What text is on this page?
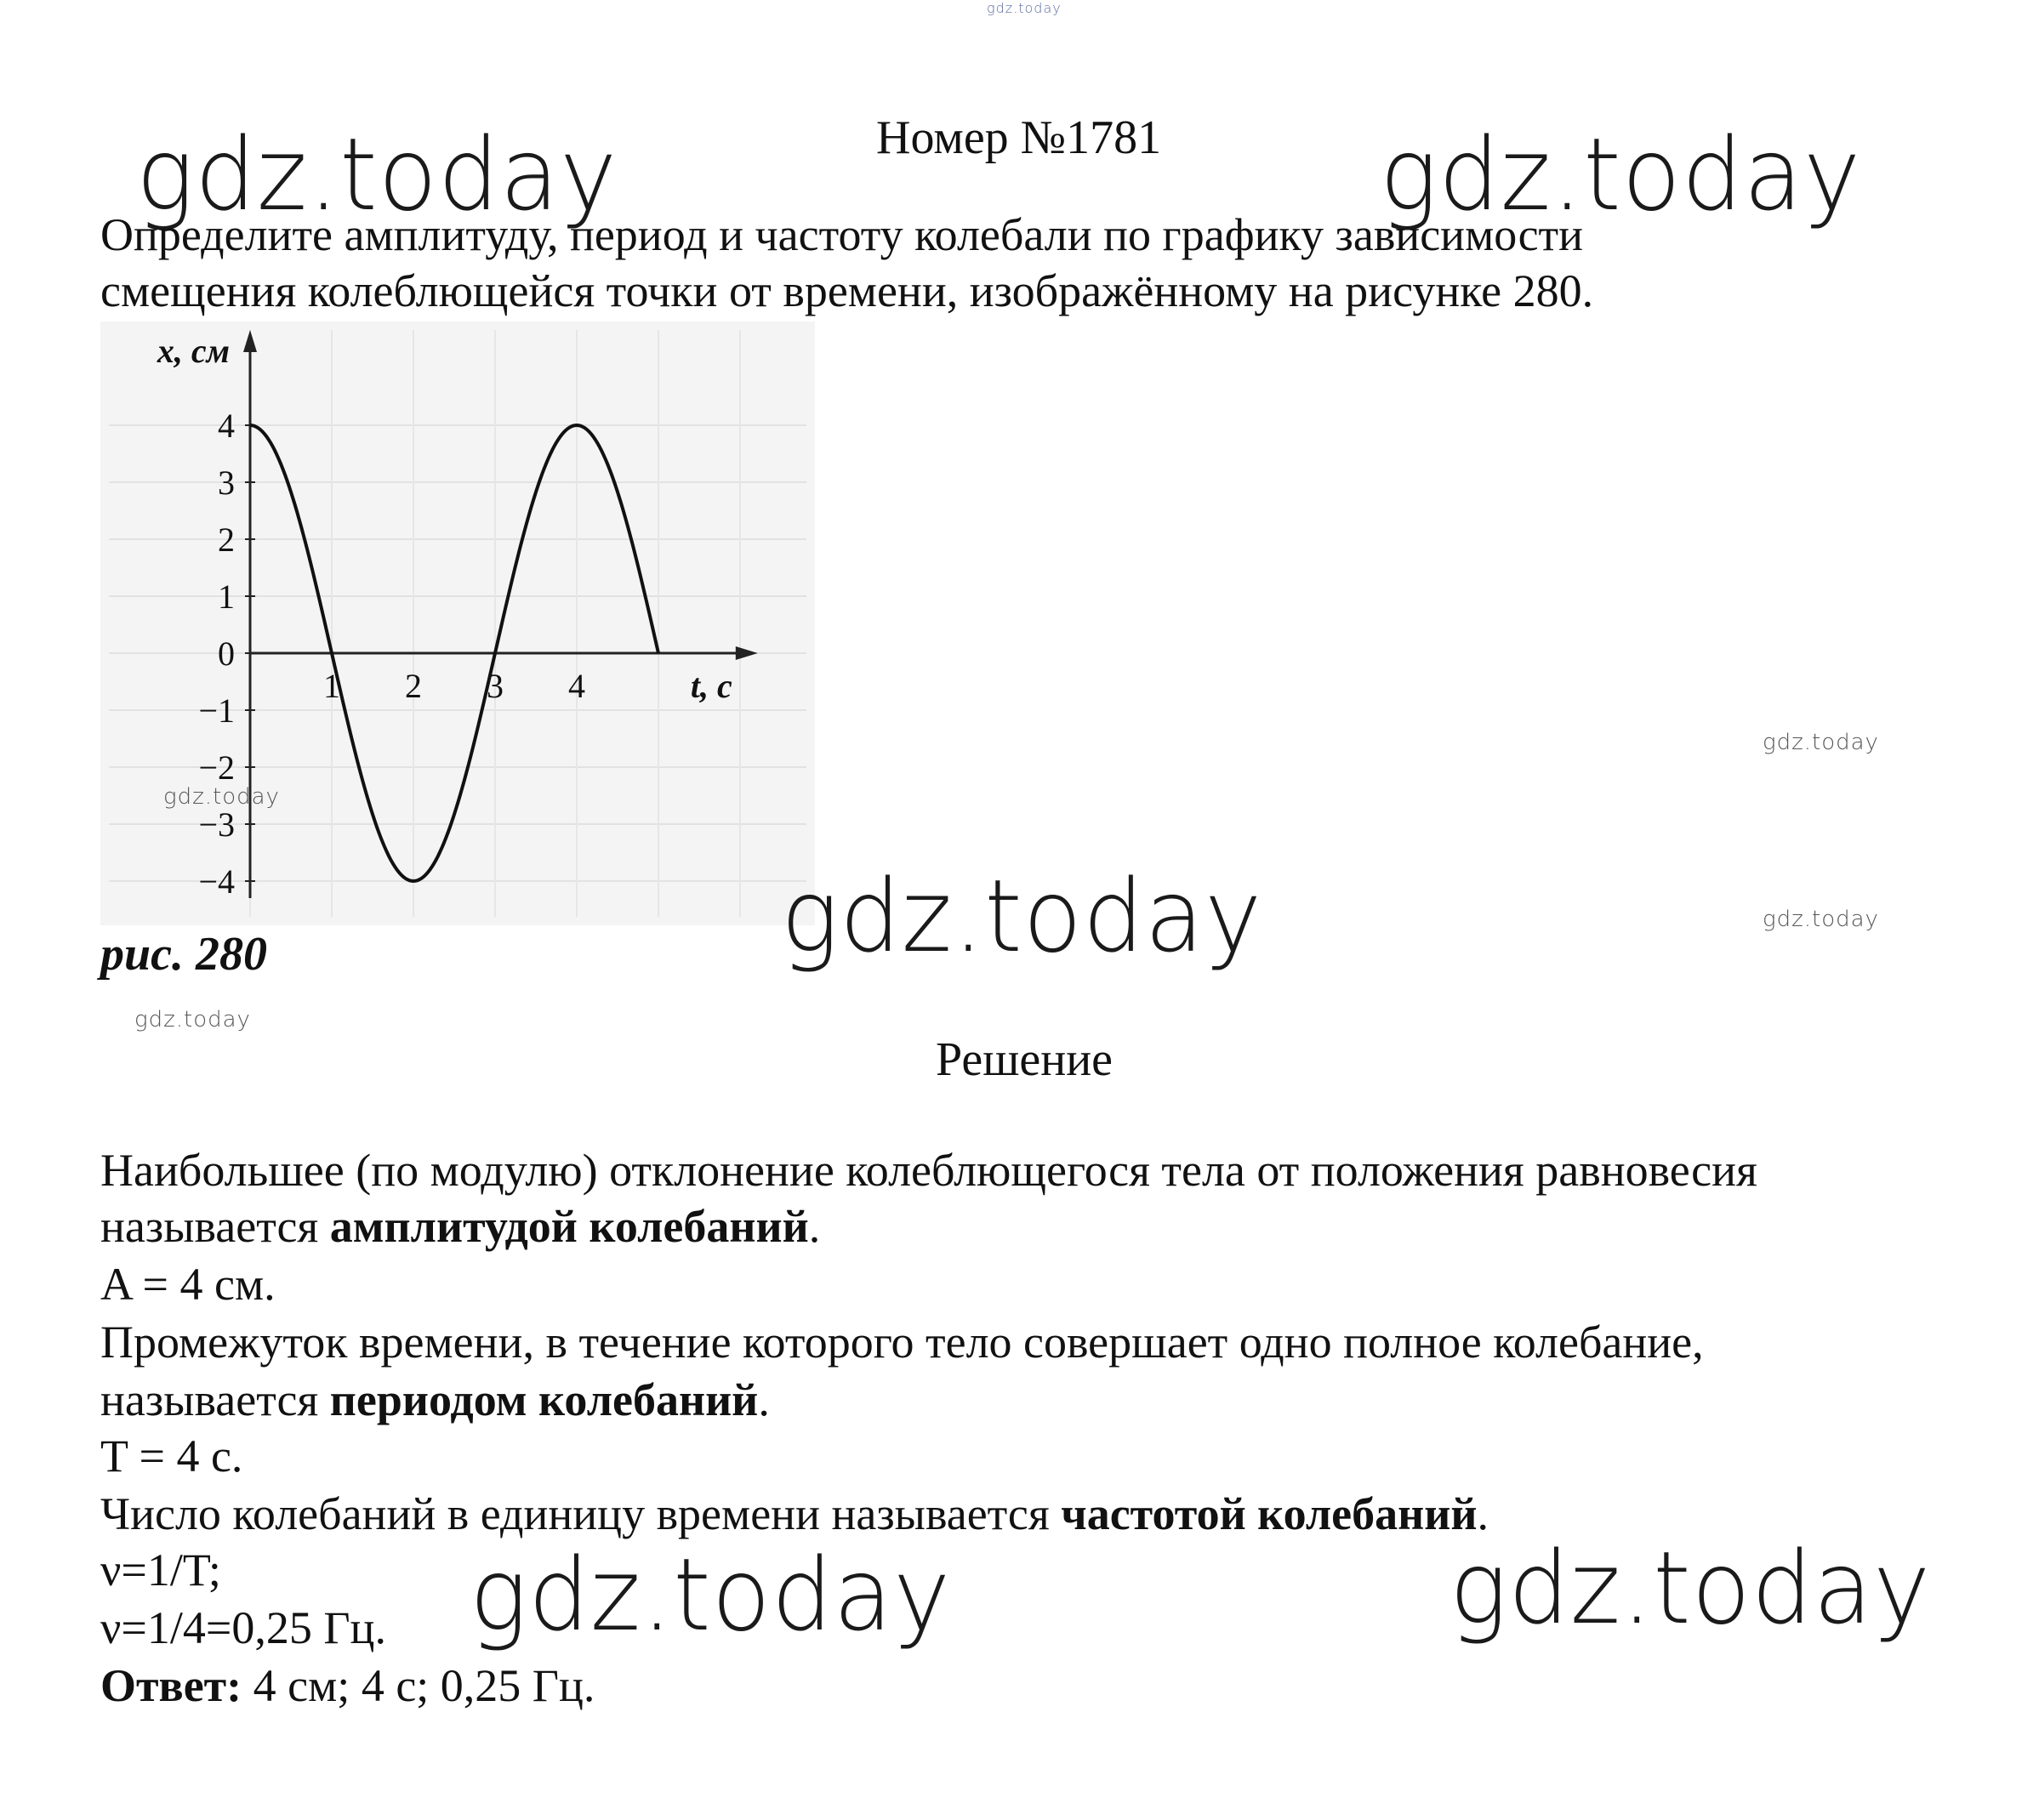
gdz.today
Номер №1781
gdz.today	gdz.today
Определите амплитуду, период и частоту колебали по графику зависимости
смещения колеблющейся точки от времени, изображённому на рисунке 280.
4
3
2
1
0
−1
−2
−3
−4
1 2 3 4
x, см
t, с
gdz.today
gdz.today
gdz.today	gdz.today
рис. 280
gdz.today
Решение
Наибольшее (по модулю) отклонение колеблющегося тела от положения равновесия
называется амплитудой колебаний.
A = 4 см.
Промежуток времени, в течение которого тело совершает одно полное колебание,
называется периодом колебаний.
T = 4 с.
Число колебаний в единицу времени называется частотой колебаний.
ν=1/T;
ν=1/4=0,25 Гц. gdz.today	gdz.today
Ответ: 4 см; 4 с; 0,25 Гц.
